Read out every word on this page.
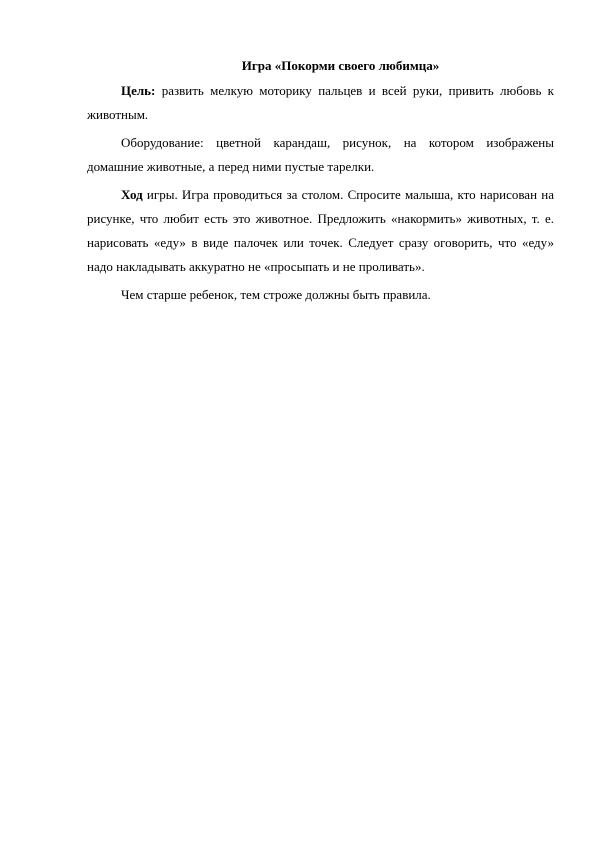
Игра «Покорми своего любимца»

Цель: развить мелкую моторику пальцев и всей руки, привить любовь к животным.

Оборудование: цветной карандаш, рисунок, на котором изображены домашние животные, а перед ними пустые тарелки.

Ход игры. Игра проводиться за столом. Спросите малыша, кто нарисован на рисунке, что любит есть это животное. Предложить «накормить» животных, т. е. нарисовать «еду» в виде палочек или точек. Следует сразу оговорить, что «еду» надо накладывать аккуратно не «просыпать и не проливать».

Чем старше ребенок, тем строже должны быть правила.
